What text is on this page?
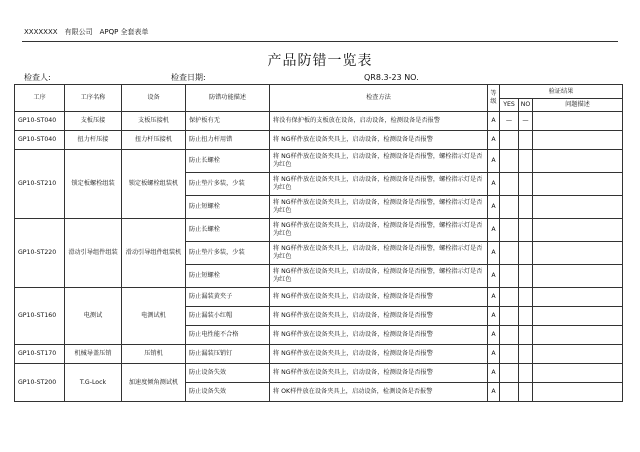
XXXXXXX　有限公司　APQP 全套表单
产品防错一览表
检查人:	检查日期:	QR8.3-23 NO.
工序	工序名称	设备	防错功能描述	检查方法	等级	验证结果		
						YES	NO	问题描述
GP10-ST040	支板压接	支板压接机	保护板有无	将没有保护板的支板放在设备，启动设备，检测设备是否报警	A	—	—	
GP10-ST040	扭力杆压接	扭力杆压接机	防止扭力杆用错	将 NG样件放在设备夹具上，启动设备，检测设备是否报警	A			
GP10-ST210	锁定板螺栓组装	锁定板螺栓组装机	防止长螺栓	将 NG样件放在设备夹具上，启动设备，检测设备是否报警，螺栓指示灯是否为红色	A			
			防止垫片多装，少装	将 NG样件放在设备夹具上，启动设备，检测设备是否报警，螺栓指示灯是否为红色	A			
			防止短螺栓	将 NG样件放在设备夹具上，启动设备，检测设备是否报警，螺栓指示灯是否为红色	A			
GP10-ST220	滑动引导组件组装	滑动引导组件组装机	防止长螺栓	将 NG样件放在设备夹具上，启动设备，检测设备是否报警，螺栓指示灯是否为红色	A			
			防止垫片多装，少装	将 NG样件放在设备夹具上，启动设备，检测设备是否报警，螺栓指示灯是否为红色	A			
			防止短螺栓	将 NG样件放在设备夹具上，启动设备，检测设备是否报警，螺栓指示灯是否为红色	A			
GP10-ST160	电测试	电测试机	防止漏装黄夹子	将 NG样件放在设备夹具上，启动设备，检测设备是否报警	A			
			防止漏装小红帽	将 NG样件放在设备夹具上，启动设备，检测设备是否报警	A			
			防止电性能不合格	将 NG样件放在设备夹具上，启动设备，检测设备是否报警	A			
GP10-ST170	机械导盖压销	压销机	防止漏装压销钉	将 NG样件放在设备夹具上，启动设备，检测设备是否报警	A			
GP10-ST200	T.G-Lock	加速度倾角测试机	防止设备失效	将 NG样件放在设备夹具上，启动设备，检测设备是否报警	A			
			防止设备失效	将 OK样件放在设备夹具上，启动设备，检测设备是否报警	A			
